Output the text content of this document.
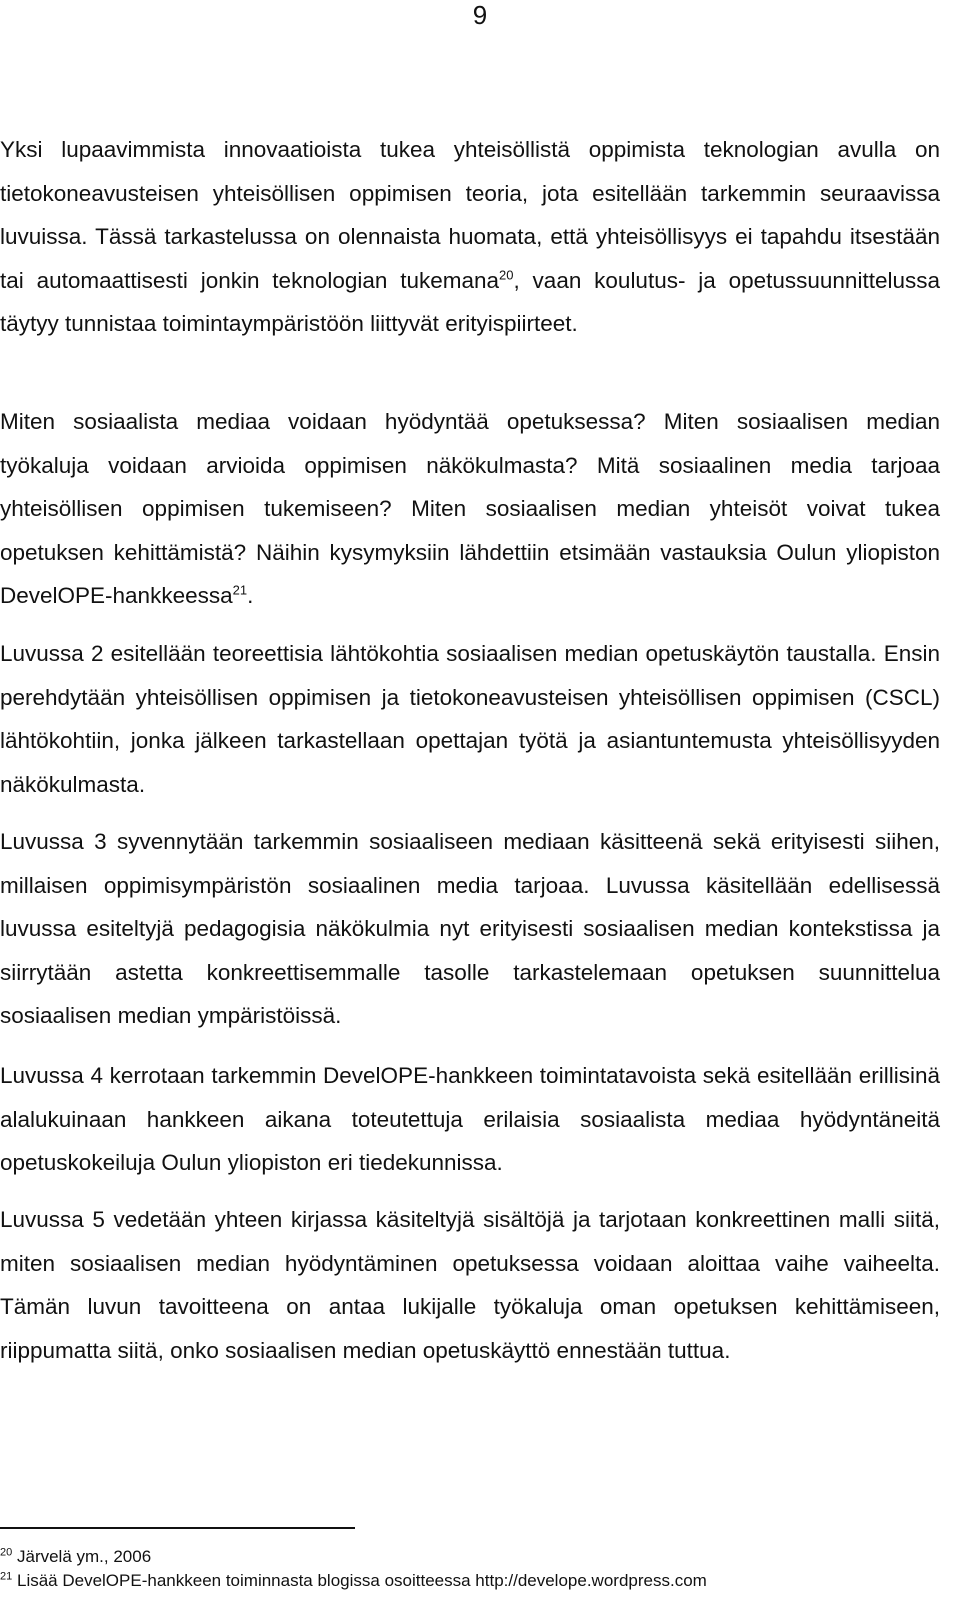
9

Yksi lupaavimmista innovaatioista tukea yhteisöllistä oppimista teknologian avulla on tietokoneavusteisen yhteisöllisen oppimisen teoria, jota esitellään tarkemmin seuraavissa luvuissa. Tässä tarkastelussa on olennaista huomata, että yhteisöllisyys ei tapahdu itsestään tai automaattisesti jonkin teknologian tukemana$^{20}$, vaan koulutus- ja opetussuunnittelussa täytyy tunnistaa toimintaympäristöön liittyvät erityispiirteet.

Miten sosiaalista mediaa voidaan hyödyntää opetuksessa? Miten sosiaalisen median työkaluja voidaan arvioida oppimisen näkökulmasta? Mitä sosiaalinen media tarjoaa yhteisöllisen oppimisen tukemiseen? Miten sosiaalisen median yhteisöt voivat tukea opetuksen kehittämistä? Näihin kysymyksiin lähdettiin etsimään vastauksia Oulun yliopiston DevelOPE-hankkeessa$^{21}$.

Luvussa 2 esitellään teoreettisia lähtökohtia sosiaalisen median opetuskäytön taustalla. Ensin perehdytään yhteisöllisen oppimisen ja tietokoneavusteisen yhteisöllisen oppimisen (CSCL) lähtökohtiin, jonka jälkeen tarkastellaan opettajan työtä ja asiantuntemusta yhteisöllisyyden näkökulmasta.

Luvussa 3 syvennytään tarkemmin sosiaaliseen mediaan käsitteenä sekä erityisesti siihen, millaisen oppimisympäristön sosiaalinen media tarjoaa. Luvussa käsitellään edellisessä luvussa esiteltyjä pedagogisia näkökulmia nyt erityisesti sosiaalisen median kontekstissa ja siirrytään astetta konkreettisemmalle tasolle tarkastelemaan opetuksen suunnittelua sosiaalisen median ympäristöissä.

Luvussa 4 kerrotaan tarkemmin DevelOPE-hankkeen toimintatavoista sekä esitellään erillisinä alalukuinaan hankkeen aikana toteutettuja erilaisia sosiaalista mediaa hyödyntäneitä opetuskokeiluja Oulun yliopiston eri tiedekunnissa.

Luvussa 5 vedetään yhteen kirjassa käsiteltyjä sisältöjä ja tarjotaan konkreettinen malli siitä, miten sosiaalisen median hyödyntäminen opetuksessa voidaan aloittaa vaihe vaiheelta. Tämän luvun tavoitteena on antaa lukijalle työkaluja oman opetuksen kehittämiseen, riippumatta siitä, onko sosiaalisen median opetuskäyttö ennestään tuttua.

$^{20}$ Järvelä ym., 2006
$^{21}$ Lisää DevelOPE-hankkeen toiminnasta blogissa osoitteessa http://develope.wordpress.com
